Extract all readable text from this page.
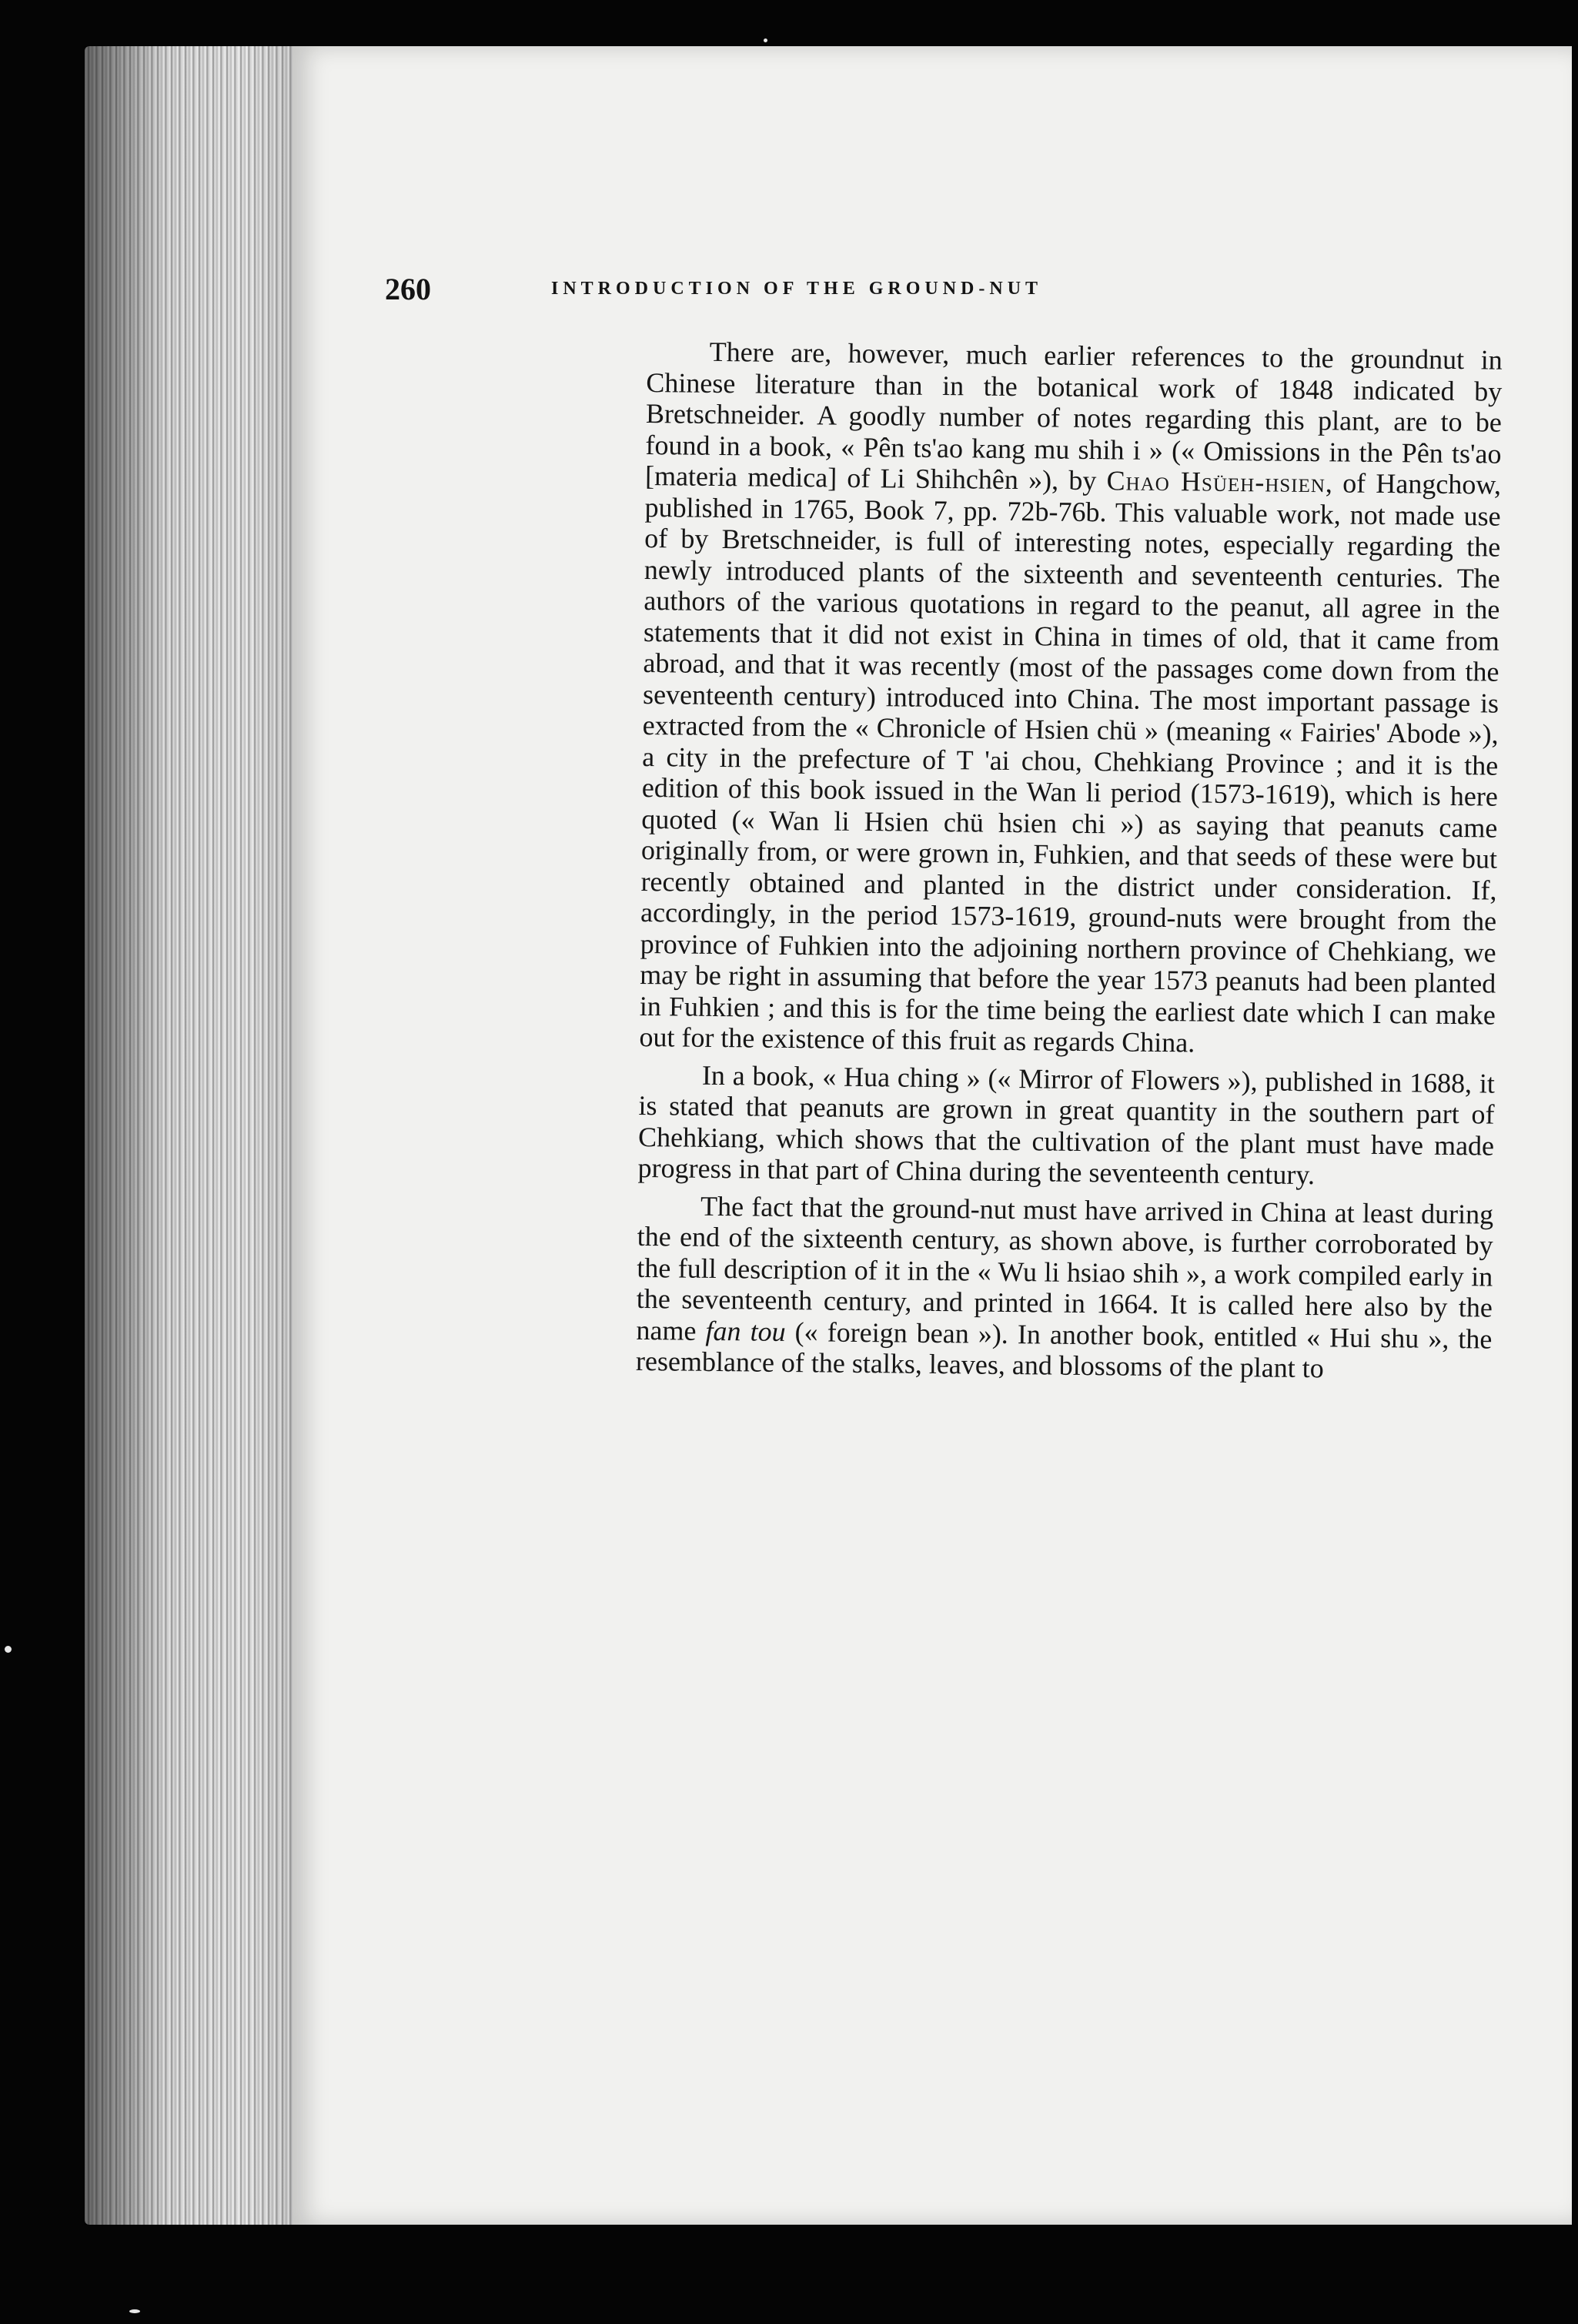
260	INTRODUCTION OF THE GROUND-NUT

There are, however, much earlier references to the groundnut in Chinese literature than in the botanical work of 1848 indicated by Bretschneider. A goodly number of notes regarding this plant, are to be found in a book, « Pên ts'ao kang mu shih i » (« Omissions in the Pên ts'ao [materia medica] of Li Shihchên »), by Chao Hsüeh-hsien, of Hangchow, published in 1765, Book 7, pp. 72b-76b. This valuable work, not made use of by Bretschneider, is full of interesting notes, especially regarding the newly introduced plants of the sixteenth and seventeenth centuries. The authors of the various quotations in regard to the peanut, all agree in the statements that it did not exist in China in times of old, that it came from abroad, and that it was recently (most of the passages come down from the seventeenth century) introduced into China. The most important passage is extracted from the « Chronicle of Hsien chü » (meaning « Fairies' Abode »), a city in the prefecture of T 'ai chou, Chehkiang Province ; and it is the edition of this book issued in the Wan li period (1573-1619), which is here quoted (« Wan li Hsien chü hsien chi ») as saying that peanuts came originally from, or were grown in, Fuhkien, and that seeds of these were but recently obtained and planted in the district under consideration. If, accordingly, in the period 1573-1619, ground-nuts were brought from the province of Fuhkien into the adjoining northern province of Chehkiang, we may be right in assuming that before the year 1573 peanuts had been planted in Fuhkien ; and this is for the time being the earliest date which I can make out for the existence of this fruit as regards China.

In a book, « Hua ching » (« Mirror of Flowers »), published in 1688, it is stated that peanuts are grown in great quantity in the southern part of Chehkiang, which shows that the cultivation of the plant must have made progress in that part of China during the seventeenth century.

The fact that the ground-nut must have arrived in China at least during the end of the sixteenth century, as shown above, is further corroborated by the full description of it in the « Wu li hsiao shih », a work compiled early in the seventeenth century, and printed in 1664. It is called here also by the name fan tou (« foreign bean »). In another book, entitled « Hui shu », the resemblance of the stalks, leaves, and blossoms of the plant to
